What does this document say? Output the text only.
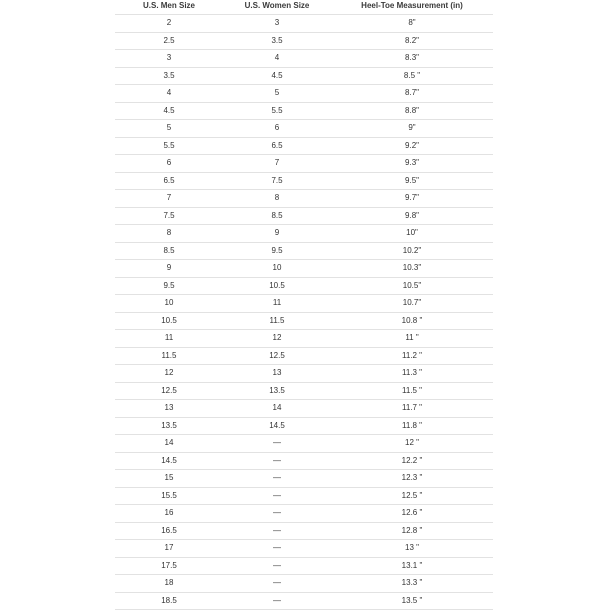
U.S. Men Size	U.S. Women Size	Heel-Toe Measurement (in)
2	3	8"
2.5	3.5	8.2"
3	4	8.3"
3.5	4.5	8.5 "
4	5	8.7"
4.5	5.5	8.8"
5	6	9"
5.5	6.5	9.2"
6	7	9.3"
6.5	7.5	9.5"
7	8	9.7"
7.5	8.5	9.8"
8	9	10"
8.5	9.5	10.2"
9	10	10.3"
9.5	10.5	10.5"
10	11	10.7"
10.5	11.5	10.8 "
11	12	11 "
11.5	12.5	11.2 "
12	13	11.3 "
12.5	13.5	11.5 "
13	14	11.7 "
13.5	14.5	11.8 "
14	—	12 "
14.5	—	12.2 "
15	—	12.3 "
15.5	—	12.5 "
16	—	12.6 "
16.5	—	12.8 "
17	—	13 "
17.5	—	13.1 "
18	—	13.3 "
18.5	—	13.5 "
